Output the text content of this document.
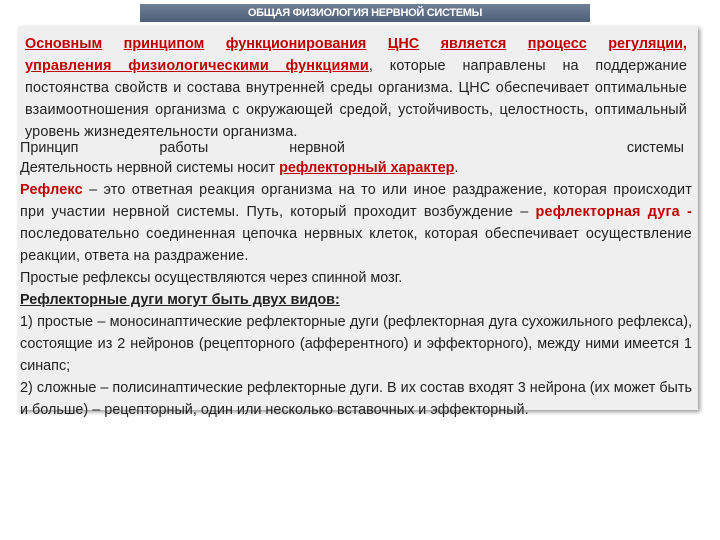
ОБЩАЯ ФИЗИОЛОГИЯ НЕРВНОЙ СИСТЕМЫ
Основным принципом функционирования ЦНС является процесс регуляции,

управления физиологическими функциями, которые направлены на поддержание постоянства свойств и состава внутренней среды организма. ЦНС обеспечивает оптимальные взаимоотношения организма с окружающей средой, устойчивость, целостность, оптимальный уровень жизнедеятельности организма.

Принцип	работы	нервной	системы

Деятельность нервной системы носит рефлекторный характер.

Рефлекс – это ответная реакция организма на то или иное раздражение, которая происходит при участии нервной системы. Путь, который проходит возбуждение – рефлекторная дуга - последовательно соединенная цепочка нервных клеток, которая обеспечивает осуществление реакции, ответа на раздражение.

Простые рефлексы осуществляются через спинной мозг.

Рефлекторные дуги могут быть двух видов:

1) простые – моносинаптические рефлекторные дуги (рефлекторная дуга сухожильного рефлекса), состоящие из 2 нейронов (рецепторного (афферентного) и эффекторного), между ними имеется 1 синапс;

2) сложные – полисинаптические рефлекторные дуги. В их состав входят 3 нейрона (их может быть и больше) – рецепторный, один или несколько вставочных и эффекторный.
